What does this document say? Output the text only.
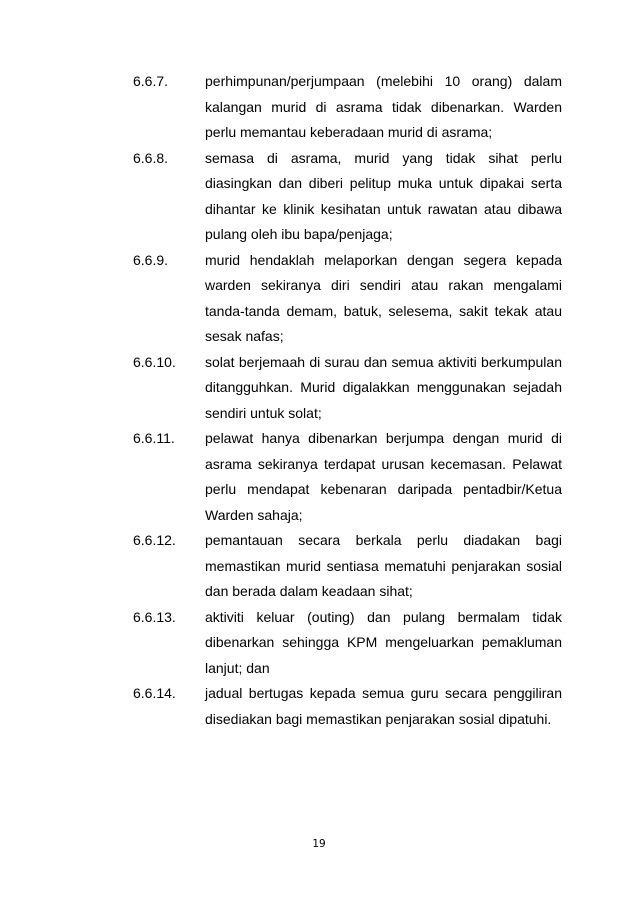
6.6.7.	perhimpunan/perjumpaan (melebihi 10 orang) dalam kalangan murid di asrama tidak dibenarkan. Warden perlu memantau keberadaan murid di asrama;
6.6.8.	semasa di asrama, murid yang tidak sihat perlu diasingkan dan diberi pelitup muka untuk dipakai serta dihantar ke klinik kesihatan untuk rawatan atau dibawa pulang oleh ibu bapa/penjaga;
6.6.9.	murid hendaklah melaporkan dengan segera kepada warden sekiranya diri sendiri atau rakan mengalami tanda-tanda demam, batuk, selesema, sakit tekak atau sesak nafas;
6.6.10.	solat berjemaah di surau dan semua aktiviti berkumpulan ditangguhkan. Murid digalakkan menggunakan sejadah sendiri untuk solat;
6.6.11.	pelawat hanya dibenarkan berjumpa dengan murid di asrama sekiranya terdapat urusan kecemasan. Pelawat perlu mendapat kebenaran daripada pentadbir/Ketua Warden sahaja;
6.6.12.	pemantauan secara berkala perlu diadakan bagi memastikan murid sentiasa mematuhi penjarakan sosial dan berada dalam keadaan sihat;
6.6.13.	aktiviti keluar (outing) dan pulang bermalam tidak dibenarkan sehingga KPM mengeluarkan pemakluman lanjut; dan
6.6.14.	jadual bertugas kepada semua guru secara penggiliran disediakan bagi memastikan penjarakan sosial dipatuhi.
19
